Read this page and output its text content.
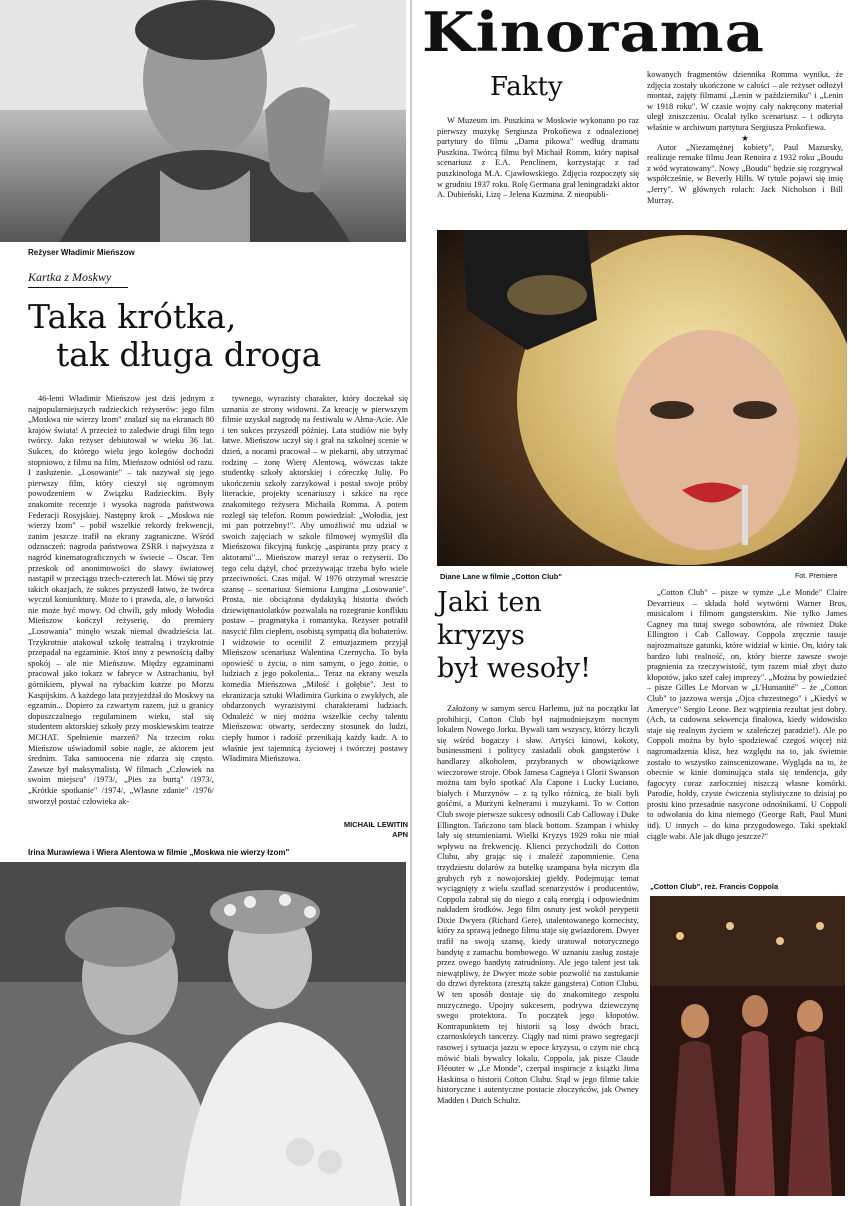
Reżyser Władimir Mieńszow
Kartka z Moskwy
Taka krótka,
tak długa droga
46-letni Władimir Mieńszow jest dziś jednym z najpopularniejszych radzieckich reżyserów: jego film „Moskwa nie wierzy łzom" znalazł się na ekranach 80 krajów świata! A przecież to zaledwie drugi film tego twórcy. Jako reżyser debiutował w wieku 36 lat. Sukces, do którego wielu jego kolegów dochodzi stopniowo, z filmu na film, Mieńszow odniósł od razu. I zasłużenie. „Losowanie" – tak nazywał się jego pierwszy film, który cieszył się ogromnym powodzeniem w Związku Radzieckim. Były znakomite recenzje i wysoka nagroda państwowa Federacji Rosyjskiej. Następny krok – „Moskwa nie wierzy łzom" – pobił wszelkie rekordy frekwencji, zanim jeszcze trafił na ekrany zagraniczne. Wśród odznaczeń: nagroda państwowa ZSRR i najwyższa z nagród kinematograficznych w świecie – Oscar. Ten przeskok od anonimowości do sławy światowej nastąpił w przeciągu trzech-czterech lat. Mówi się przy takich okazjach, że sukces przyszedł łatwo, że twórca wyczuł koniunkturę. Może to i prawda, ale, o łatwości nie może być mowy. Od chwili, gdy młody Wołodia Mieńszow kończył reżyserię, do premiery „Losowania" minęło wszak niemal dwadzieścia lat. Trzykrotnie atakował szkołę teatralną i trzykrotnie przepadał na egzaminie. Ktoś inny z pewnością dałby spokój – ale nie Mieńszow. Między egzaminami pracował jako tokarz w fabryce w Astrachaniu, był górnikiem, pływał na rybackim kutrze po Morzu Kaspijskim. A każdego lata przyjeżdżał do Moskwy na egzamin... Dopiero za czwartym razem, już u granicy dopuszczalnego regulaminem wieku, stał się studentem aktorskiej szkoły przy moskiewskim teatrze MCHAT. Spełnienie marzeń? Na trzecim roku Mieńszow uświadomił sobie nagle, że aktorem jest średnim. Taka samoocena nie zdarza się często. Zawsze był maksymalistą. W filmach „Człowiek na swoim miejscu" /1973/, „Pies za burtą" /1973/, „Krótkie spotkanie" /1974/, „Własne zdanie" /1976/ stworzył postać człowieka ak-
tywnego, wyrazisty charakter, który doczekał się uznania ze strony widowni. Za kreację w pierwszym filmie uzyskał nagrodę na festiwalu w Ałma-Acie. Ale i ten sukces przyszedł później. Lata studiów nie były łatwe. Mieńszow uczył się i grał na szkolnej scenie w dzień, a nocami pracował – w piekarni, aby utrzymać rodzinę – żonę Wierę Alentową, wówczas także studentkę szkoły aktorskiej i córeczkę Julię. Po ukończeniu szkoły zarzykował i postał swoje próby literackie, projekty scenariuszy i szkice na ręce znakomitego reżysera Michaiła Romma. A potem rozległ się telefon. Romm powiedział: „Wołodia, jest mi pan potrzebny!". Aby umożliwić mu udział w swoich zajęciach w szkole filmowej wymyślił dla Mieńszowa fikcyjną funkcję „aspiranta przy pracy z aktorami"... Mieńszow marzył teraz o reżyserii. Do tego celu dążył, choć przeżywając trzeba było wiele przeciwności. Czas mijał. W 1976 otrzymał wreszcie szansę – scenariusz Siemiona Łungina „Losowanie". Prosta, nie obciążona dydaktyką historia dwóch dziewiętnastolatków pozwalała na rozegranie konfliktu postaw – pragmatyka i romantyka. Reżyser potrafił nasycić film ciepłem, osobistą sympatią dla bohaterów. I widzowie to ocenili! Z entuzjazmem przyjął Mieńszow scenariusz Walentina Czernycha. To była opowieść o życiu, o nim samym, o jego żonie, o ludziach z jego pokolenia... Teraz na ekrany weszła komedia Mieńszowa „Miłość i gołębie". Jest to ekranizacja sztuki Władimira Gurkina o zwykłych, ale obdarzonych wyrazistymi charakterami ludziach. Odnaleźć w niej można wszelkie cechy talentu Mieńszowa: otwarty, serdeczny stosunek do ludzi, ciepły humor i radość przenikają każdy kadr. A to właśnie jest tajemnicą życiowej i twórczej postawy Władimira Mieńszowa.
MICHAIŁ LEWITIN
APN
Irina Murawiewa i Wiera Alentowa w filmie „Moskwa nie wierzy łzom"
Kinorama
Fakty
W Muzeum im. Puszkina w Moskwie wykonano po raz pierwszy muzykę Sergiusza Prokofiewa z odnalezionej partytury do filmu „Dama pikowa" według dramatu Puszkina. Twórcą filmu był Michaił Romm, który napisał scenariusz z E.A. Penclinem, korzystając z rad puszkinologa M.A. Cjawłowskiego. Zdjęcia rozpoczęty się w grudniu 1937 roku. Rolę Germana grał leningradzki aktor A. Dubieński, Lizę – Jelena Kuzmina. Z nieopubli-
kowanych fragmentów dziennika Romma wynika, że zdjęcia zostały ukończone w całości – ale reżyser odłożył montaż, zajęty filmami „Lenin w październiku" i „Lenin w 1918 roku". W czasie wojny cały nakręcony materiał uległ zniszczeniu. Ocalał tylko scenariusz – i odkryta właśnie w archiwum partytura Sergiusza Prokofiewa.
★
Autor „Niezamężnej kobiety", Paul Mazursky, realizuje remake filmu Jean Renoira z 1932 roku „Boudu z wód wyratowany". Nowy „Boudu" będzie się rozgrywał współcześnie, w Beverly Hills. W tytule pojawi się imię „Jerry". W głównych rolach: Jack Nicholson i Bill Murray.
Diane Lane w filmie „Cotton Club"	Fot. Premiere
Jaki ten
kryzys
był wesoły!
Założony w samym sercu Harlemu, już na początku lat prohibicji, Cotton Club był najmodniejszym nocnym lokalem Nowego Jorku. Bywali tam wszyscy, którzy liczyli się wśród bogaczy i sław. Artyści kinowi, kokoty, businessmeni i politycy zasiadali obok gangsterów i handlarzy alkoholem, przybranych w obowiązkowe wieczorowe stroje. Obok Jamesa Cagneya i Glorii Swanson można tam było spotkać Ala Capone i Lucky Luciano, białych i Murzynów – z tą tylko różnicą, że biali byli gośćmi, a Murzyni kelnerami i muzykami. To w Cotton Club swoje pierwsze sukcesy odnosili Cab Calloway i Duke Ellington. Tańczono tam black bottom. Szampan i whisky lały się strumieniami. Wielki Kryzys 1929 roku nie miał wpływu na frekwencję. Klienci przychodzili do Cotton Clubu, aby grając się i znaleźć zapomnienie. Cena trzydziestu dolarów za butelkę szampana była niczym dla grubych ryb z nowojorskiej giełdy. Podejmując temat wyciągnięty z wielu szuflad scenarzystów i producentów, Coppola zabrał się do niego z całą energią i odpowiednim nakładem środków. Jego film osnuty jest wokół perypetii Dixie Dwyera (Richard Gere), utalentowanego kornecisty, który za sprawą jednego filmu staje się gwiazdorem. Dwyer trafił na swoją szansę, kiedy uratował notorycznego bandytę z zamachu bombowego. W uznaniu zasług zostaje przez owego bandytę zatrudniony. Ale jego talent jest tak niewątpliwy, że Dwyer może sobie pozwolić na zastukanie do drzwi dyrektora (zresztą także gangstera) Cotton Clubu. W ten sposób dostaje się do znakomitego zespołu muzycznego. Upojny sukcesem, podrywa dziewczynę swego protektora. To początek jego kłopotów. Kontrapunktem tej historii są losy dwóch braci, czarnoskórych tancerzy. Ciągły nad nimi prawo segregacji rasowej i sytuacja jazzu w epoce kryzysu, o czym nie chcą mówić biali bywalcy lokalu. Coppola, jak pisze Claude Fléouter w „Le Monde", czerpał inspiracje z książki Jima Haskinsa o historii Cotton Clubu. Stąd w jego filmie takie historyczne i autentyczne postacie złoczyńców, jak Owney Madden i Dutch Schultz.
„Cotton Club" – pisze w tymże „Le Monde" Claire Devarrieux – składa hołd wytwórni Warner Bros, musicalom i filmom gangsterskim. Nie tylko James Cagney ma tutaj swego sobowtóra, ale również Duke Ellington i Cab Calloway. Coppola zręcznie tasuje najrozmaitsze gatunki, które widział w kinie. On, który tak bardzo lubi realność, on, który bierze zawsze swoje pragnienia za rzeczywistość, tym razem miał zbyt dużo kłopotów, jako szef całej imprezy". „Można by powiedzieć – pisze Gilles Le Morvan w „L'Humanité" – że „Cotton Club" to jazzowa wersja „Ojca chrzestnego" i „Kiedyś w Ameryce" Sergio Leone. Bez wątpienia rezultat jest dobry. (Ach, ta cudowna sekwencja finałowa, kiedy widowisko staje się realnym życiem w szaleńczej paradzie!). Ale po Coppoli można by było spodziewać czegoś więcej niż nagromadzenia klisz, bez względu na to, jak świetnie zostało to wszystko zainscenizowane. Wygląda na to, że obecnie w kinie dominująca stała się tendencja, gdy fagocyty coraz zarłoczniej niszczą własne komórki. Parodie, hołdy, czyste ćwiczenia stylistyczne to dzisiaj po prostu kino przesadnie nasycone odnośnikami. U Coppoli to odwołania do kina niemego (George Raft, Paul Muni itd). U innych – do kina przygodowego. Taki spektakl ciągle wabi. Ale jak długo jeszcze?"
„Cotton Club", reż. Francis Coppola
